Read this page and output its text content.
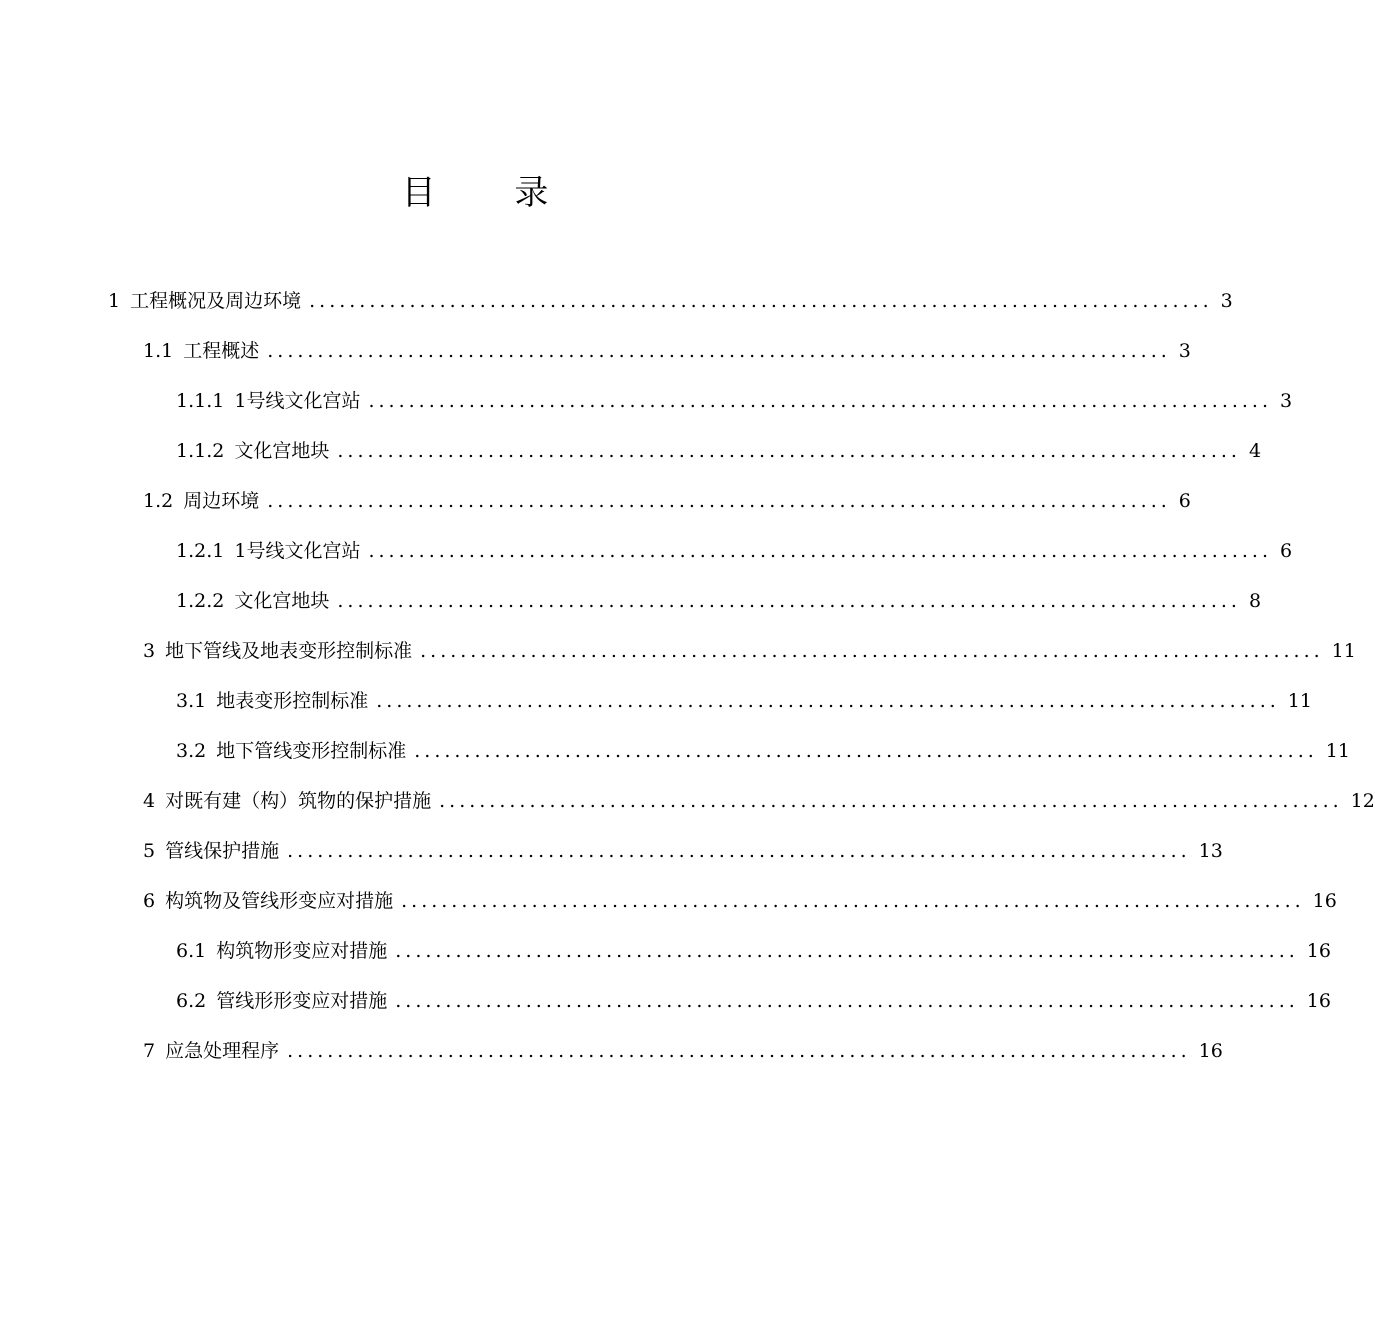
目 录
1 工程概况及周边环境 .......................................................................................... 3
1.1 工程概述 .......................................................................................... 3
1.1.1 1号线文化宫站 .......................................................................................... 3
1.1.2 文化宫地块 .......................................................................................... 4
1.2 周边环境 .......................................................................................... 6
1.2.1 1号线文化宫站 .......................................................................................... 6
1.2.2 文化宫地块 .......................................................................................... 8
3 地下管线及地表变形控制标准 .......................................................................................... 11
3.1 地表变形控制标准 .......................................................................................... 11
3.2 地下管线变形控制标准 .......................................................................................... 11
4 对既有建（构）筑物的保护措施 .......................................................................................... 12
5 管线保护措施 .......................................................................................... 13
6 构筑物及管线形变应对措施 .......................................................................................... 16
6.1 构筑物形变应对措施 .......................................................................................... 16
6.2 管线形形变应对措施 .......................................................................................... 16
7 应急处理程序 .......................................................................................... 16
